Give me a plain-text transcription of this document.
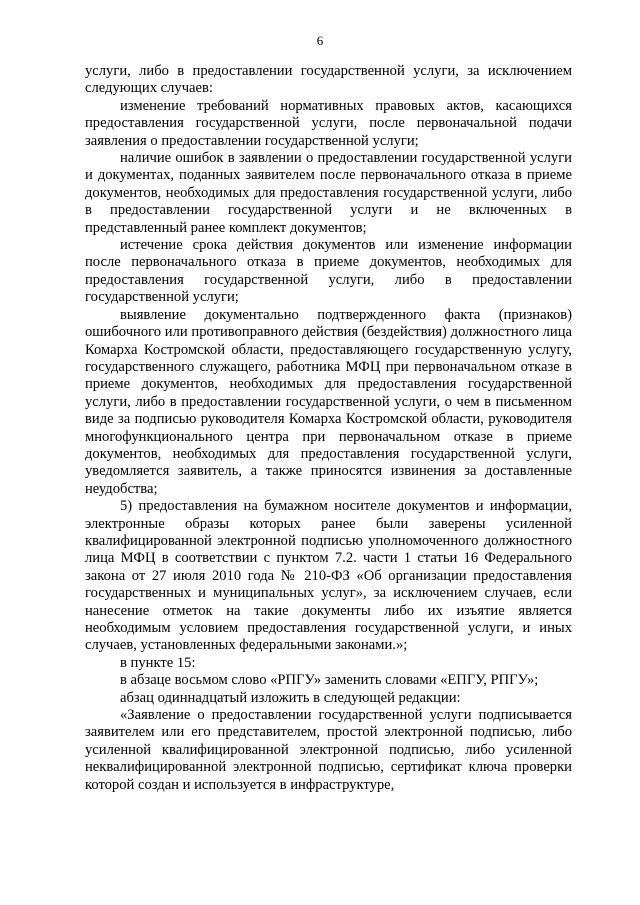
6

услуги, либо в предоставлении государственной услуги, за исключением следующих случаев:

изменение требований нормативных правовых актов, касающихся предоставления государственной услуги, после первоначальной подачи заявления о предоставлении государственной услуги;

наличие ошибок в заявлении о предоставлении государственной услуги и документах, поданных заявителем после первоначального отказа в приеме документов, необходимых для предоставления государственной услуги, либо в предоставлении государственной услуги и не включенных в представленный ранее комплект документов;

истечение срока действия документов или изменение информации после первоначального отказа в приеме документов, необходимых для предоставления государственной услуги, либо в предоставлении государственной услуги;

выявление документально подтвержденного факта (признаков) ошибочного или противоправного действия (бездействия) должностного лица Комарха Костромской области, предоставляющего государственную услугу, государственного служащего, работника МФЦ при первоначальном отказе в приеме документов, необходимых для предоставления государственной услуги, либо в предоставлении государственной услуги, о чем в письменном виде за подписью руководителя Комарха Костромской области, руководителя многофункционального центра при первоначальном отказе в приеме документов, необходимых для предоставления государственной услуги, уведомляется заявитель, а также приносятся извинения за доставленные неудобства;

5) предоставления на бумажном носителе документов и информации, электронные образы которых ранее были заверены усиленной квалифицированной электронной подписью уполномоченного должностного лица МФЦ в соответствии с пунктом 7.2. части 1 статьи 16 Федерального закона от 27 июля 2010 года № 210-ФЗ «Об организации предоставления государственных и муниципальных услуг», за исключением случаев, если нанесение отметок на такие документы либо их изъятие является необходимым условием предоставления государственной услуги, и иных случаев, установленных федеральными законами.»;

в пункте 15:

в абзаце восьмом слово «РПГУ» заменить словами «ЕПГУ, РПГУ»;

абзац одиннадцатый изложить в следующей редакции:

«Заявление о предоставлении государственной услуги подписывается заявителем или его представителем, простой электронной подписью, либо усиленной квалифицированной электронной подписью, либо усиленной неквалифицированной электронной подписью, сертификат ключа проверки которой создан и используется в инфраструктуре,
